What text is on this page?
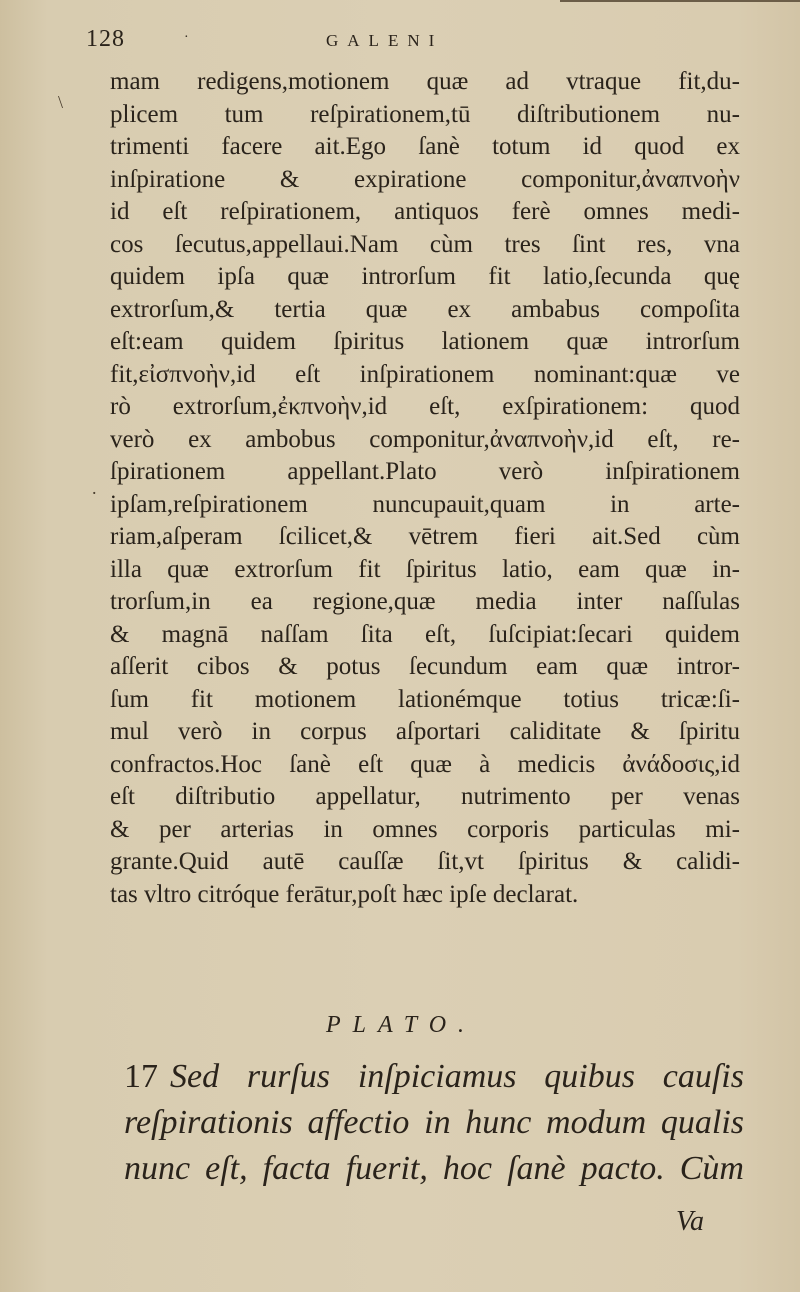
128	·	GALENI
\
.
mam redigens,motionem quæ ad vtraque fit,du-
plicem tum reſpirationem,tū diſtributionem nu-
trimenti facere ait.Ego ſanè totum id quod ex
inſpiratione & expiratione componitur,ἀναπνοὴν
id eſt reſpirationem, antiquos ferè omnes medi-
cos ſecutus,appellaui.Nam cùm tres ſint res, vna
quidem ipſa quæ introrſum fit latio,ſecunda quę
extrorſum,& tertia quæ ex ambabus compoſita
eſt:eam quidem ſpiritus lationem quæ introrſum
fit,εἰσπνοὴν,id eſt inſpirationem nominant:quæ ve
rò extrorſum,ἐκπνοὴν,id eſt, exſpirationem: quod
verò ex ambobus componitur,ἀναπνοὴν,id eſt, re-
ſpirationem appellant.Plato verò inſpirationem
ipſam,reſpirationem nuncupauit,quam in arte-
riam,aſperam ſcilicet,& vētrem fieri ait.Sed cùm
illa quæ extrorſum fit ſpiritus latio, eam quæ in-
trorſum,in ea regione,quæ media inter naſſulas
& magnā naſſam ſita eſt, ſuſcipiat:ſecari quidem
aſſerit cibos & potus ſecundum eam quæ intror-
ſum fit motionem lationémque totius tricæ:ſi-
mul verò in corpus aſportari caliditate & ſpiritu
confractos.Hoc ſanè eſt quæ à medicis ἀνάδοσις,id
eſt diſtributio appellatur, nutrimento per venas
& per arterias in omnes corporis particulas mi-
grante.Quid autē cauſſæ ſit,vt ſpiritus & calidi-
tas vltro citróque ferātur,poſt hæc ipſe declarat.
PLATO.
17 Sed rurſus inſpiciamus quibus cauſis
reſpirationis affectio in hunc modum qualis
nunc eſt, facta fuerit, hoc ſanè pacto. Cùm
Va
